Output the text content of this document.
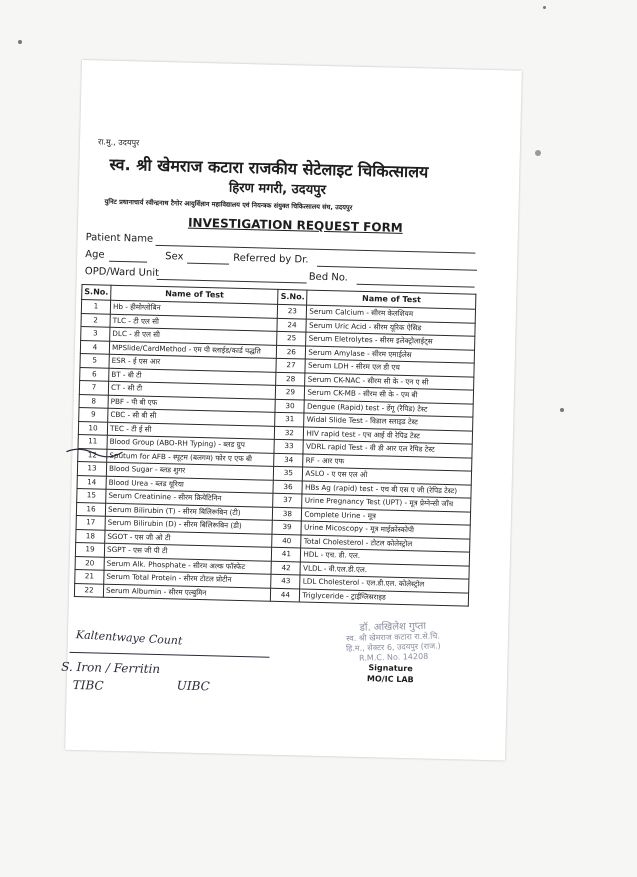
रा.मु., उदयपुर
स्व. श्री खेमराज कटारा राजकीय सेटेलाइट चिकित्सालय
हिरण मगरी, उदयपुर
युनिट प्रधानाचार्य रवीन्द्रनाथ टैगोर आयुर्विज्ञान महाविद्यालय एवं नियन्त्रक संयुक्त चिकित्सालय संघ, उदयपुर
INVESTIGATION REQUEST FORM
Patient Name
Age	Sex	Referred by Dr.
OPD/Ward Unit	Bed No.
S.No.	Name of Test	S.No.	Name of Test
1	Hb - हीमोग्लोबिन	23	Serum Calcium - सीरम केलशियम
2	TLC - टी एल सी	24	Serum Uric Acid - सीरम यूरिक ऐसिड
3	DLC - डी एल सी	25	Serum Eletrolytes - सीरम इलेक्ट्रोलाईट्स
4	MPSlide/CardMethod - एम पी स्लाईड/कार्ड पद्धति	26	Serum Amylase - सीरम एमाईलेस
5	ESR - ई एस आर	27	Serum LDH - सीरम एल डी एच
6	BT - बी टी	28	Serum CK-NAC - सीरम सी के - एन ए सी
7	CT - सी टी	29	Serum CK-MB - सीरम सी के - एम बी
8	PBF - पी बी एफ	30	Dengue (Rapid) test - डेंगू (रैपिड) टेस्ट
9	CBC - सी बी सी	31	Widal Slide Test - विडाल स्लाइड टेस्ट
10	TEC - टी ई सी	32	HIV rapid test - एच आई वी रेपिड टेस्ट
11	Blood Group (ABO-RH Typing) - ब्लड ग्रुप	33	VDRL rapid Test - वी डी आर एल रेपिड टेस्ट
12	Sputum for AFB - स्पूटम (बलगम) फोर ए एफ बी	34	RF - आर एफ
13	Blood Sugar - ब्लड शुगर	35	ASLO - ए एस एल ओ
14	Blood Urea - ब्लड यूरिया	36	HBs Ag (rapid) test - एच बी एस ए जी (रेपिड टेस्ट)
15	Serum Creatinine - सीरम क्रियेटिनिन	37	Urine Pregnancy Test (UPT) - मूत्र प्रेग्नेन्सी जाँच
16	Serum Bilirubin (T) - सीरम बिलिरूबिन (टी)	38	Complete Urine - मूत्र
17	Serum Bilirubin (D) - सीरम बिलिरूबिन (डी)	39	Urine Micoscopy - मूत्र माईक्रोस्कोपी
18	SGOT - एस जी ओ टी	40	Total Cholesterol - टोटल कोलेस्ट्रोल
19	SGPT - एस जी पी टी	41	HDL - एच. डी. एल.
20	Serum Alk. Phosphate - सीरम अल्क फॉस्फेट	42	VLDL - वी.एल.डी.एल.
21	Serum Total Protein - सीरम टोटल प्रोटीन	43	LDL Cholesterol - एल.डी.एल. कोलेस्ट्रोल
22	Serum Albumin - सीरम एल्बुमिन	44	Triglyceride - ट्राईग्लिसराइड
डॉ. अखिलेश गुप्ता
स्व. श्री खेमराज कटारा रा.से.चि.
हि.म., सेक्टर 6, उदयपुर (राज.)
R.M.C. No. 14208
Signature
MO/IC LAB
Kaltentwaye Count
S. Iron / Ferritin
TIBC	UIBC
